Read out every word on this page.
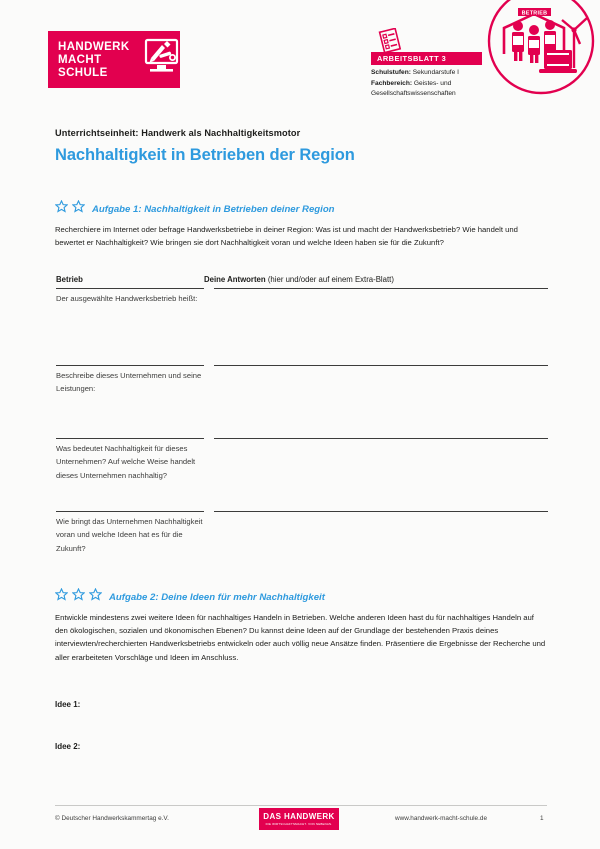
HANDWERK
MACHT
SCHULE
ARBEITSBLATT 3
Schulstufen: Sekundarstufe I
Fachbereich: Geistes- und
Gesellschaftswissenschaften
BETRIEB

Unterrichtseinheit: Handwerk als Nachhaltigkeitsmotor

Nachhaltigkeit in Betrieben der Region
Aufgabe 1: Nachhaltigkeit in Betrieben deiner Region
Recherchiere im Internet oder befrage Handwerksbetriebe in deiner Region: Was ist und macht der Handwerksbetrieb? Wie handelt und bewertet er Nachhaltigkeit? Wie bringen sie dort Nachhaltigkeit voran und welche Ideen haben sie für die Zukunft?
Betrieb	Deine Antworten (hier und/oder auf einem Extra-Blatt)
Der ausgewählte Handwerksbetrieb heißt:
Beschreibe dieses Unternehmen und seine Leistungen:
Was bedeutet Nachhaltigkeit für dieses Unternehmen? Auf welche Weise handelt dieses Unternehmen nachhaltig?
Wie bringt das Unternehmen Nachhaltigkeit voran und welche Ideen hat es für die Zukunft?
Aufgabe 2: Deine Ideen für mehr Nachhaltigkeit
Entwickle mindestens zwei weitere Ideen für nachhaltiges Handeln in Betrieben. Welche anderen Ideen hast du für nachhaltiges Handeln auf den ökologischen, sozialen und ökonomischen Ebenen? Du kannst deine Ideen auf der Grundlage der bestehenden Praxis deines interviewten/recherchierten Handwerksbetriebs entwickeln oder auch völlig neue Ansätze finden. Präsentiere die Ergebnisse der Recherche und aller erarbeiteten Vorschläge und Ideen im Anschluss.
Idee 1:
Idee 2:
© Deutscher Handwerkskammertag e.V.	DAS HANDWERK
DIE WIRTSCHAFTSMACHT. VON NEBENAN.
www.handwerk-macht-schule.de	1
